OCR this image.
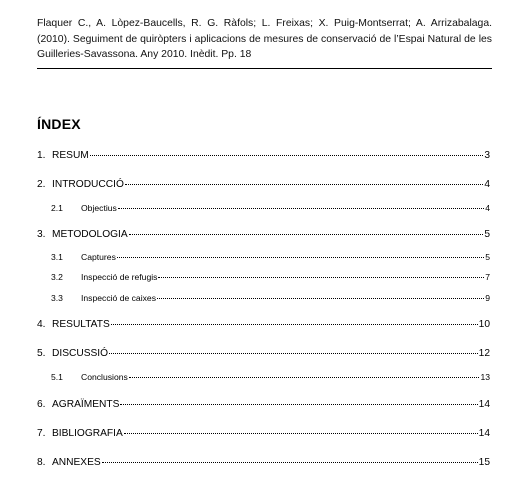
Flaquer C., A. Lòpez-Baucells, R. G. Ràfols; L. Freixas; X. Puig-Montserrat; A. Arrizabalaga. (2010). Seguiment de quiròpters i aplicacions de mesures de conservació de l’Espai Natural de les Guilleries-Savassona. Any 2010. Inèdit. Pp. 18
ÍNDEX
1. RESUM	3
2. INTRODUCCIÓ	4
2.1	Objectius	4
3. METODOLOGIA	5
3.1	Captures	5
3.2	Inspecció de refugis	7
3.3	Inspecció de caixes	9
4. RESULTATS	10
5. DISCUSSIÓ	12
5.1	Conclusions	13
6. AGRAÏMENTS	14
7. BIBLIOGRAFIA	14
8. ANNEXES	15
